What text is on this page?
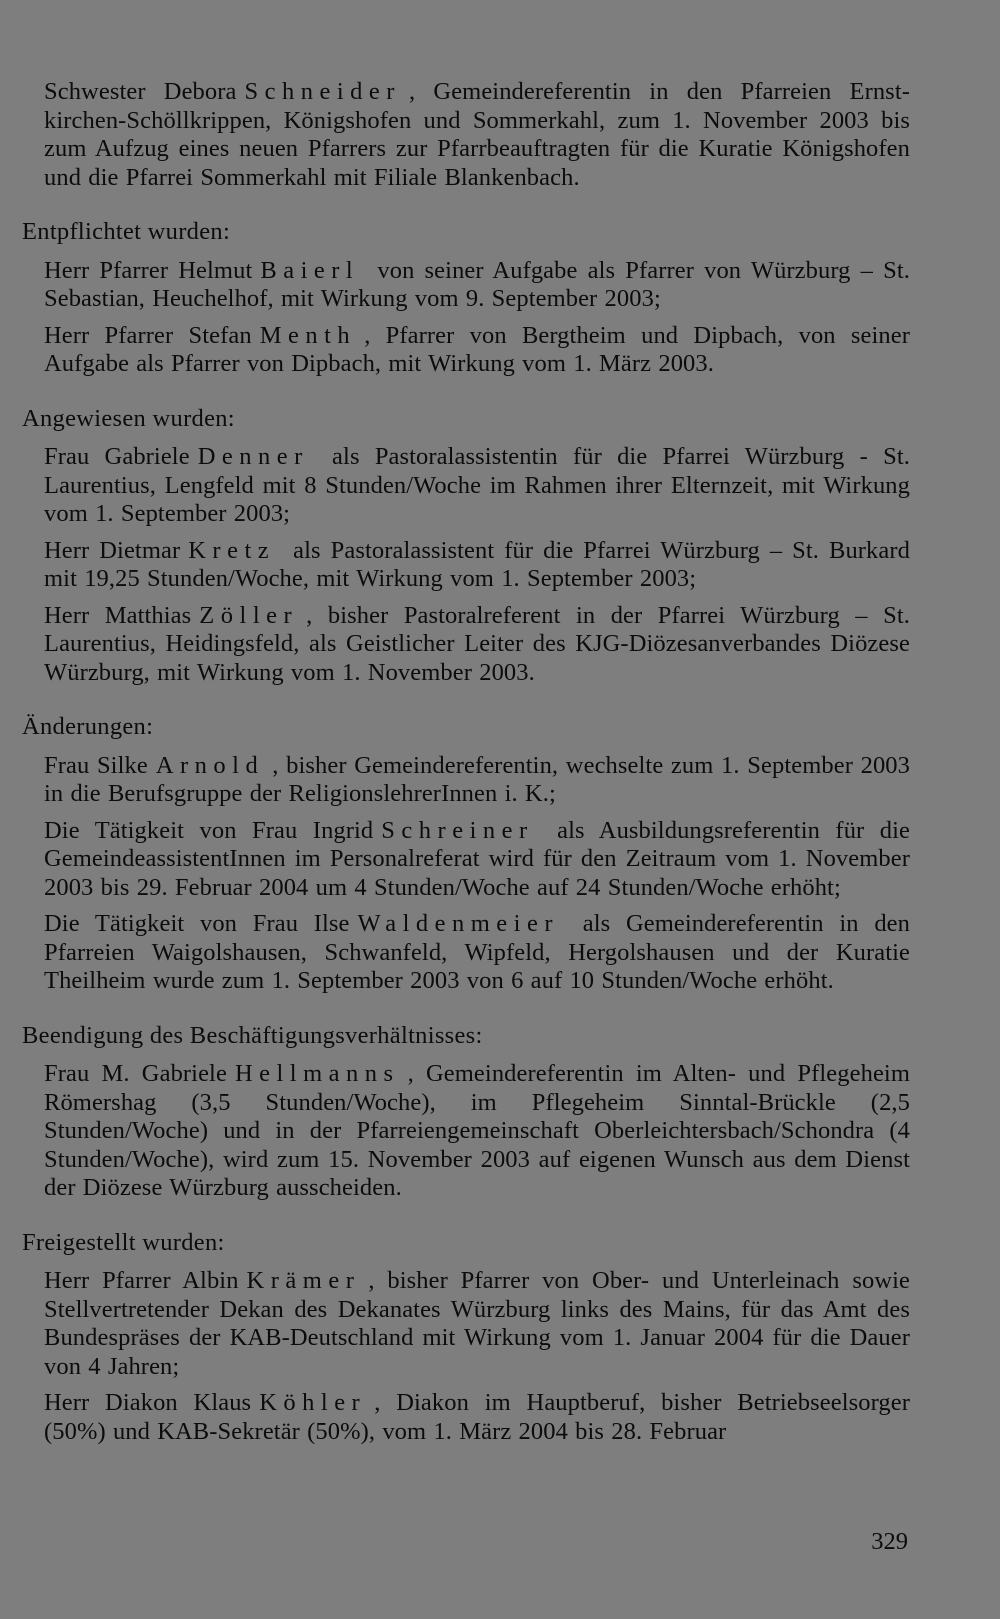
Schwester Debora Schneider , Gemeindereferentin in den Pfarreien Ernst-kirchen-Schöllkrippen, Königshofen und Sommerkahl, zum 1. November 2003 bis zum Aufzug eines neuen Pfarrers zur Pfarrbeauftragten für die Kuratie Königshofen und die Pfarrei Sommerkahl mit Filiale Blankenbach.

Entpflichtet wurden:

Herr Pfarrer Helmut Baierl von seiner Aufgabe als Pfarrer von Würzburg – St. Sebastian, Heuchelhof, mit Wirkung vom 9. September 2003;

Herr Pfarrer Stefan Menth , Pfarrer von Bergtheim und Dipbach, von seiner Aufgabe als Pfarrer von Dipbach, mit Wirkung vom 1. März 2003.

Angewiesen wurden:

Frau Gabriele Denner als Pastoralassistentin für die Pfarrei Würzburg - St. Laurentius, Lengfeld mit 8 Stunden/Woche im Rahmen ihrer Elternzeit, mit Wirkung vom 1. September 2003;

Herr Dietmar Kretz als Pastoralassistent für die Pfarrei Würzburg – St. Burkard mit 19,25 Stunden/Woche, mit Wirkung vom 1. September 2003;

Herr Matthias Zöller , bisher Pastoralreferent in der Pfarrei Würzburg – St. Laurentius, Heidingsfeld, als Geistlicher Leiter des KJG-Diözesanverbandes Diözese Würzburg, mit Wirkung vom 1. November 2003.

Änderungen:

Frau Silke Arnold , bisher Gemeindereferentin, wechselte zum 1. September 2003 in die Berufsgruppe der ReligionslehrerInnen i. K.;

Die Tätigkeit von Frau Ingrid Schreiner als Ausbildungsreferentin für die GemeindeassistentInnen im Personalreferat wird für den Zeitraum vom 1. November 2003 bis 29. Februar 2004 um 4 Stunden/Woche auf 24 Stunden/Woche erhöht;

Die Tätigkeit von Frau Ilse Waldenmeier als Gemeindereferentin in den Pfarreien Waigolshausen, Schwanfeld, Wipfeld, Hergolshausen und der Kuratie Theilheim wurde zum 1. September 2003 von 6 auf 10 Stunden/Woche erhöht.

Beendigung des Beschäftigungsverhältnisses:

Frau M. Gabriele Hellmanns , Gemeindereferentin im Alten- und Pflegeheim Römershag (3,5 Stunden/Woche), im Pflegeheim Sinntal-Brückle (2,5 Stunden/Woche) und in der Pfarreiengemeinschaft Oberleichtersbach/Schondra (4 Stunden/Woche), wird zum 15. November 2003 auf eigenen Wunsch aus dem Dienst der Diözese Würzburg ausscheiden.

Freigestellt wurden:

Herr Pfarrer Albin Krämer , bisher Pfarrer von Ober- und Unterleinach sowie Stellvertretender Dekan des Dekanates Würzburg links des Mains, für das Amt des Bundespräses der KAB-Deutschland mit Wirkung vom 1. Januar 2004 für die Dauer von 4 Jahren;

Herr Diakon Klaus Köhler , Diakon im Hauptberuf, bisher Betriebseelsorger (50%) und KAB-Sekretär (50%), vom 1. März 2004 bis 28. Februar

329
